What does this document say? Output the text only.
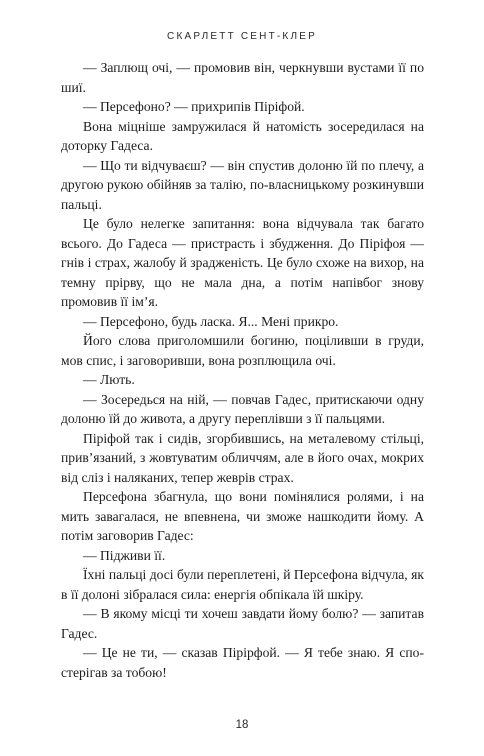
СКАРЛЕТТ СЕНТ-КЛЕР

— Заплющ очі, — промовив він, черкнувши вустами її по шиї.

— Персефоно? — прихрипів Піріфой.

Вона міцніше замружилася й натомість зосередилася на доторку Гадеса.

— Що ти відчуваєш? — він спустив долоню їй по плечу, а другою рукою обійняв за талію, по-власницькому розкинувши пальці.

Це було нелегке запитання: вона відчувала так багато всього. До Гадеса — пристрасть і збудження. До Піріфоя — гнів і страх, жалобу й зрадженість. Це було схоже на вихор, на темну прірву, що не мала дна, а потім напівбог знову промовив її ім’я.

— Персефоно, будь ласка. Я... Мені прикро.

Його слова приголомшили богиню, поціливши в груди, мов спис, і заговоривши, вона розплющила очі.

— Лють.

— Зосередься на ній, — повчав Гадес, притискаючи одну долоню їй до живота, а другу переплівши з її пальцями.

Піріфой так і сидів, згорбившись, на металевому стільці, прив’язаний, з жовтуватим обличчям, але в його очах, мокрих від сліз і наляканих, тепер жеврів страх.

Персефона збагнула, що вони помінялися ролями, і на мить завагалася, не впевнена, чи зможе нашкодити йому. А потім заговорив Гадес:

— Підживи її.

Їхні пальці досі були переплетені, й Персефона відчула, як в її долоні зібралася сила: енергія обпікала їй шкіру.

— В якому місці ти хочеш завдати йому болю? — запитав Гадес.

— Це не ти, — сказав Пірірфой. — Я тебе знаю. Я спостерігав за тобою!

18
